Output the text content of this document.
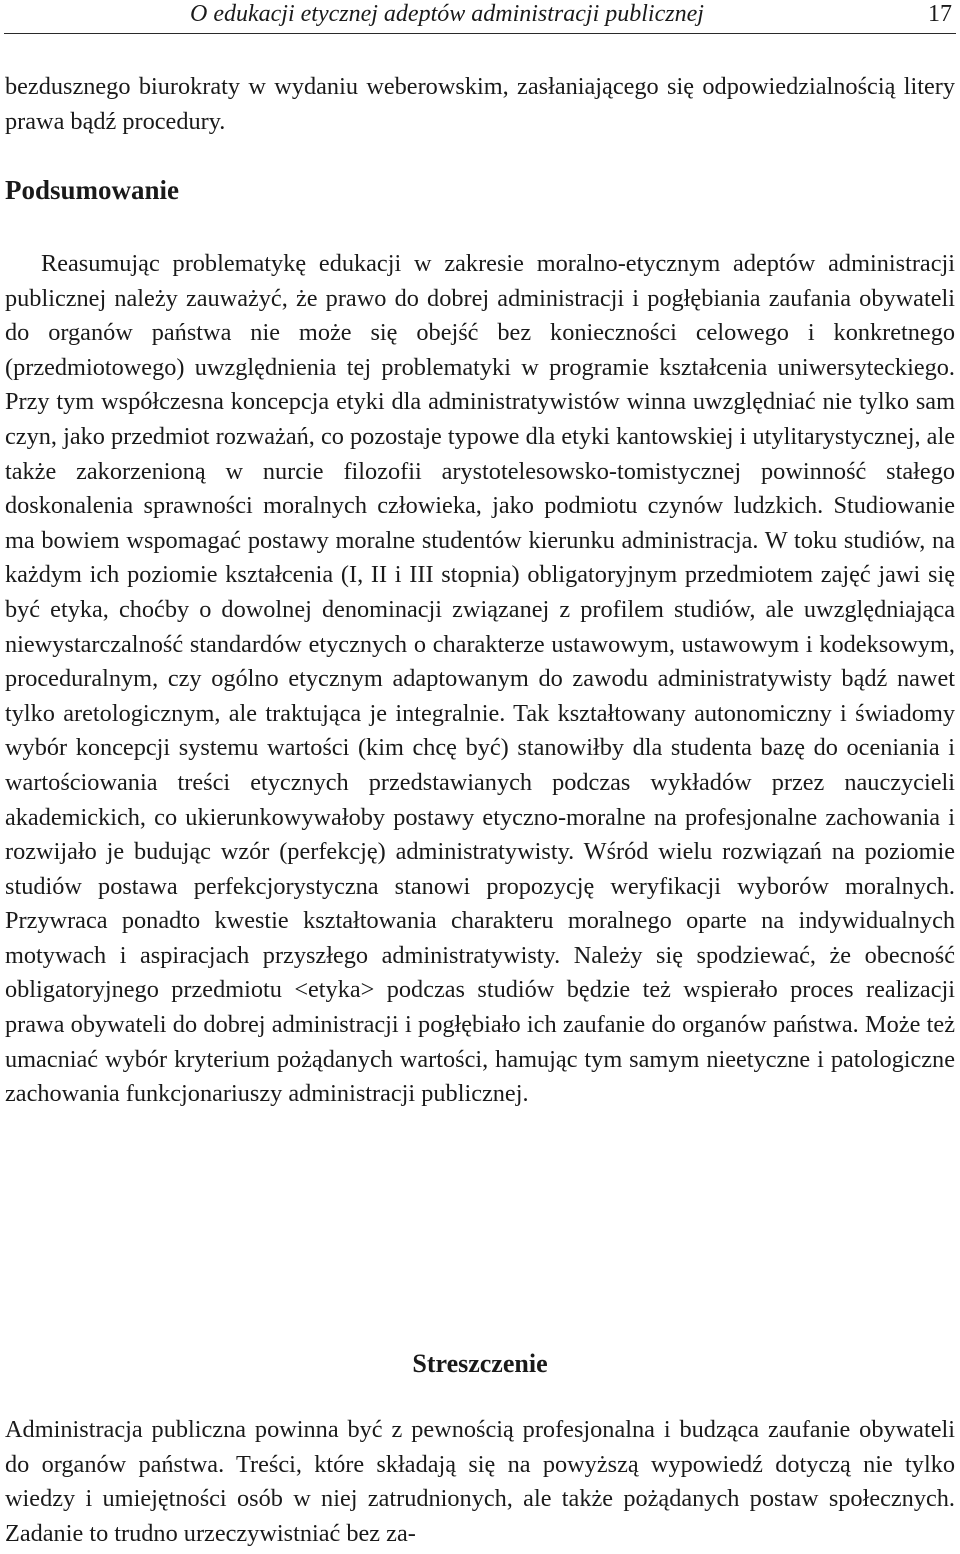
O edukacji etycznej adeptów administracji publicznej	17

bezdusznego biurokraty w wydaniu weberowskim, zasłaniającego się odpowiedzialnością litery prawa bądź procedury.

Podsumowanie

Reasumując problematykę edukacji w zakresie moralno-etycznym adeptów administracji publicznej należy zauważyć, że prawo do dobrej administracji i pogłębiania zaufania obywateli do organów państwa nie może się obejść bez konieczności celowego i konkretnego (przedmiotowego) uwzględnienia tej problematyki w programie kształcenia uniwersyteckiego. Przy tym współczesna koncepcja etyki dla administratywistów winna uwzględniać nie tylko sam czyn, jako przedmiot rozważań, co pozostaje typowe dla etyki kantowskiej i utylitarystycznej, ale także zakorzenioną w nurcie filozofii arystotelesowsko-tomistycznej powinność stałego doskonalenia sprawności moralnych człowieka, jako podmiotu czynów ludzkich. Studiowanie ma bowiem wspomagać postawy moralne studentów kierunku administracja. W toku studiów, na każdym ich poziomie kształcenia (I, II i III stopnia) obligatoryjnym przedmiotem zajęć jawi się być etyka, choćby o dowolnej denominacji związanej z profilem studiów, ale uwzględniająca niewystarczalność standardów etycznych o charakterze ustawowym, ustawowym i kodeksowym, proceduralnym, czy ogólno etycznym adaptowanym do zawodu administratywisty bądź nawet tylko aretologicznym, ale traktująca je integralnie. Tak kształtowany autonomiczny i świadomy wybór koncepcji systemu wartości (kim chcę być) stanowiłby dla studenta bazę do oceniania i wartościowania treści etycznych przedstawianych podczas wykładów przez nauczycieli akademickich, co ukierunkowywałoby postawy etyczno-moralne na profesjonalne zachowania i rozwijało je budując wzór (perfekcję) administratywisty. Wśród wielu rozwiązań na poziomie studiów postawa perfekcjorystyczna stanowi propozycję weryfikacji wyborów moralnych. Przywraca ponadto kwestie kształtowania charakteru moralnego oparte na indywidualnych motywach i aspiracjach przyszłego administratywisty. Należy się spodziewać, że obecność obligatoryjnego przedmiotu <etyka> podczas studiów będzie też wspierało proces realizacji prawa obywateli do dobrej administracji i pogłębiało ich zaufanie do organów państwa. Może też umacniać wybór kryterium pożądanych wartości, hamując tym samym nieetyczne i patologiczne zachowania funkcjonariuszy administracji publicznej.

Streszczenie

Administracja publiczna powinna być z pewnością profesjonalna i budząca zaufanie obywateli do organów państwa. Treści, które składają się na powyższą wypowiedź dotyczą nie tylko wiedzy i umiejętności osób w niej zatrudnionych, ale także pożądanych postaw społecznych. Zadanie to trudno urzeczywistniać bez za-
